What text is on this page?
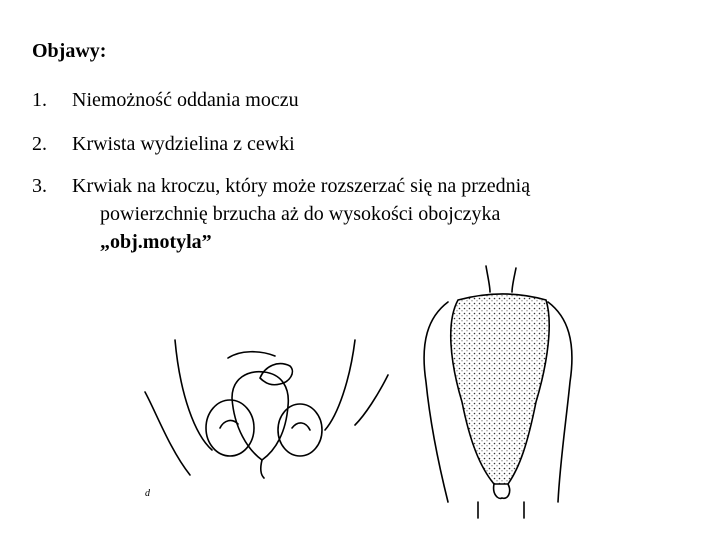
Objawy:
1. Niemożność oddania moczu
2. Krwista wydzielina z cewki
3. Krwiak na kroczu, który może rozszerzać się na przednią
powierzchnię brzucha aż do wysokości obojczyka
„obj.motyla”
d
